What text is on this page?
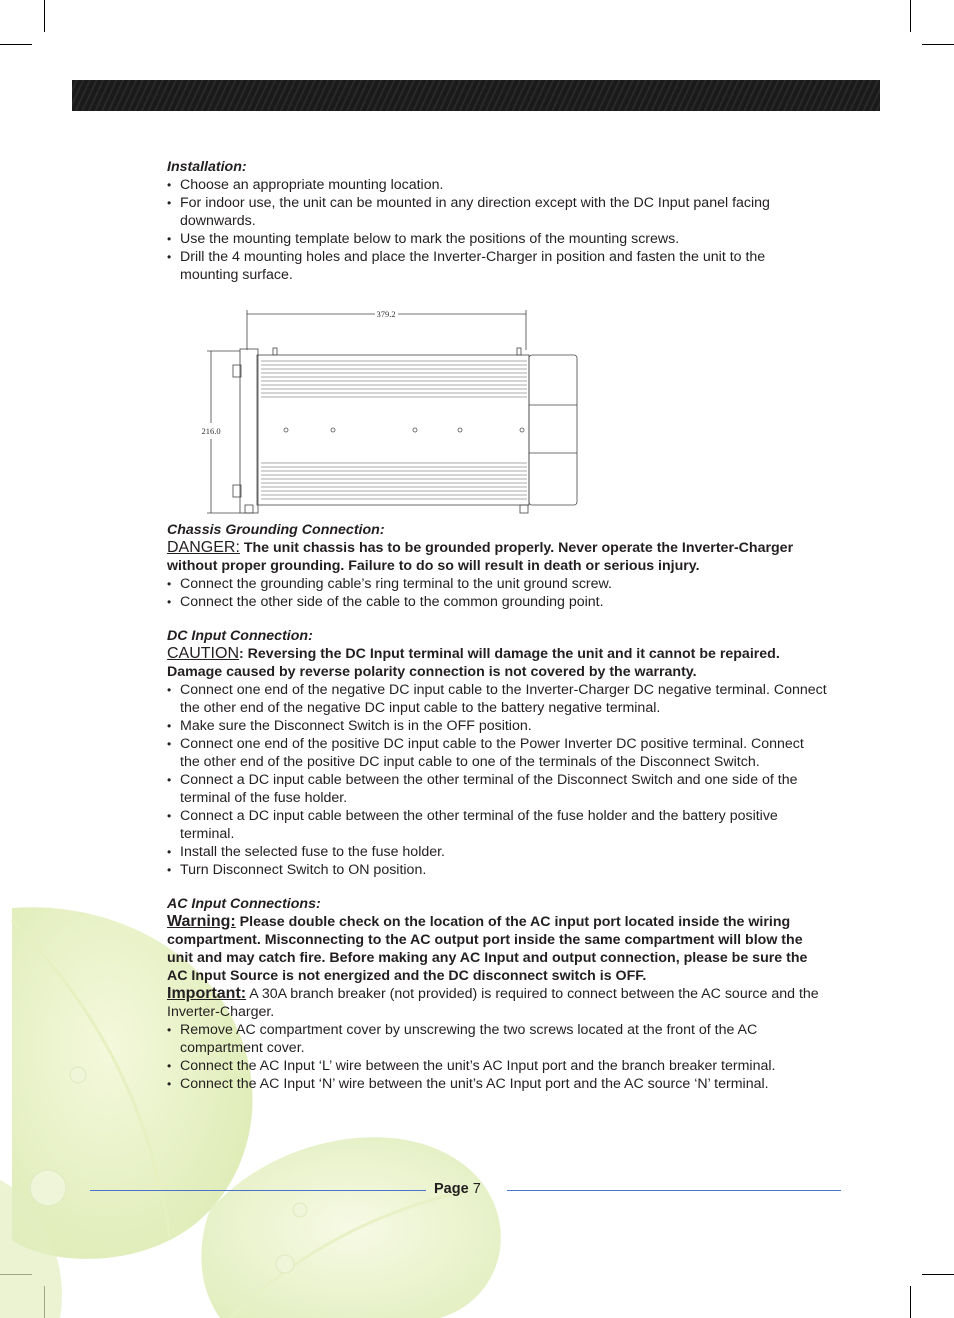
Installation:

• Choose an appropriate mounting location.
• For indoor use, the unit can be mounted in any direction except with the DC Input panel facing downwards.
• Use the mounting template below to mark the positions of the mounting screws.
• Drill the 4 mounting holes and place the Inverter-Charger in position and fasten the unit to the mounting surface.

Chassis Grounding Connection:

DANGER: The unit chassis has to be grounded properly. Never operate the Inverter-Charger without proper grounding. Failure to do so will result in death or serious injury.

• Connect the grounding cable’s ring terminal to the unit ground screw.
• Connect the other side of the cable to the common grounding point.

DC Input Connection:

CAUTION: Reversing the DC Input terminal will damage the unit and it cannot be repaired. Damage caused by reverse polarity connection is not covered by the warranty.

• Connect one end of the negative DC input cable to the Inverter-Charger DC negative terminal. Connect the other end of the negative DC input cable to the battery negative terminal.
• Make sure the Disconnect Switch is in the OFF position.
• Connect one end of the positive DC input cable to the Power Inverter DC positive terminal. Connect the other end of the positive DC input cable to one of the terminals of the Disconnect Switch.
• Connect a DC input cable between the other terminal of the Disconnect Switch and one side of the terminal of the fuse holder.
• Connect a DC input cable between the other terminal of the fuse holder and the battery positive terminal.
• Install the selected fuse to the fuse holder.
• Turn Disconnect Switch to ON position.

AC Input Connections:

Warning: Please double check on the location of the AC input port located inside the wiring compartment. Misconnecting to the AC output port inside the same compartment will blow the unit and may catch fire. Before making any AC Input and output connection, please be sure the AC Input Source is not energized and the DC disconnect switch is OFF.

Important: A 30A branch breaker (not provided) is required to connect between the AC source and the Inverter-Charger.

• Remove AC compartment cover by unscrewing the two screws located at the front of the AC compartment cover.
• Connect the AC Input ‘L’ wire between the unit’s AC Input port and the branch breaker terminal.
• Connect the AC Input ‘N’ wire between the unit’s AC Input port and the AC source ‘N’ terminal.
379.2
216.0
Page 7
